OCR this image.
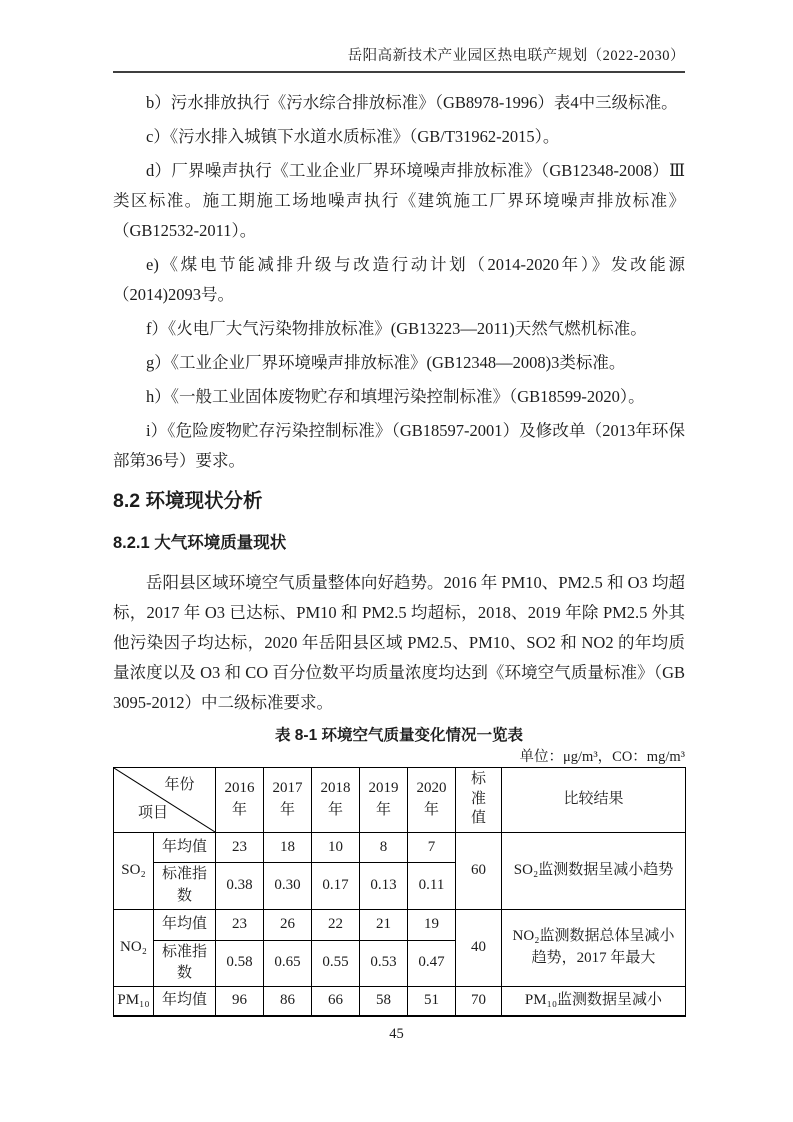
岳阳高新技术产业园区热电联产规划（2022-2030）

b）污水排放执行《污水综合排放标准》（GB8978-1996）表4中三级标准。

c）《污水排入城镇下水道水质标准》（GB/T31962-2015）。

d）厂界噪声执行《工业企业厂界环境噪声排放标准》（GB12348-2008）Ⅲ类区标准。施工期施工场地噪声执行《建筑施工厂界环境噪声排放标准》（GB12532-2011）。

e)《煤电节能减排升级与改造行动计划（2014-2020年）》发改能源（2014)2093号。

f）《火电厂大气污染物排放标准》(GB13223—2011)天然气燃机标准。

g）《工业企业厂界环境噪声排放标准》(GB12348—2008)3类标准。

h）《一般工业固体废物贮存和填埋污染控制标准》（GB18599-2020）。

i）《危险废物贮存污染控制标准》（GB18597-2001）及修改单（2013年环保部第36号）要求。

8.2 环境现状分析
8.2.1 大气环境质量现状

岳阳县区域环境空气质量整体向好趋势。2016 年 PM10、PM2.5 和 O3 均超标，2017 年 O3 已达标、PM10 和 PM2.5 均超标，2018、2019 年除 PM2.5 外其他污染因子均达标，2020 年岳阳县区域 PM2.5、PM10、SO2 和 NO2 的年均质量浓度以及 O3 和 CO 百分位数平均质量浓度均达到《环境空气质量标准》（GB 3095-2012）中二级标准要求。

表 8-1 环境空气质量变化情况一览表
单位：μg/m³，CO：mg/m³
年份
项目		2016年	2017年	2018年	2019年	2020年	标准值	比较结果
SO₂	年均值	23	18	10	8	7	60	SO₂监测数据呈减小趋势
	标准指数	0.38	0.30	0.17	0.13	0.11		
NO₂	年均值	23	26	22	21	19	40	NO₂监测数据总体呈减小趋势，2017 年最大
	标准指数	0.58	0.65	0.55	0.53	0.47		
PM₁₀	年均值	96	86	66	58	51	70	PM₁₀监测数据呈减小
45
